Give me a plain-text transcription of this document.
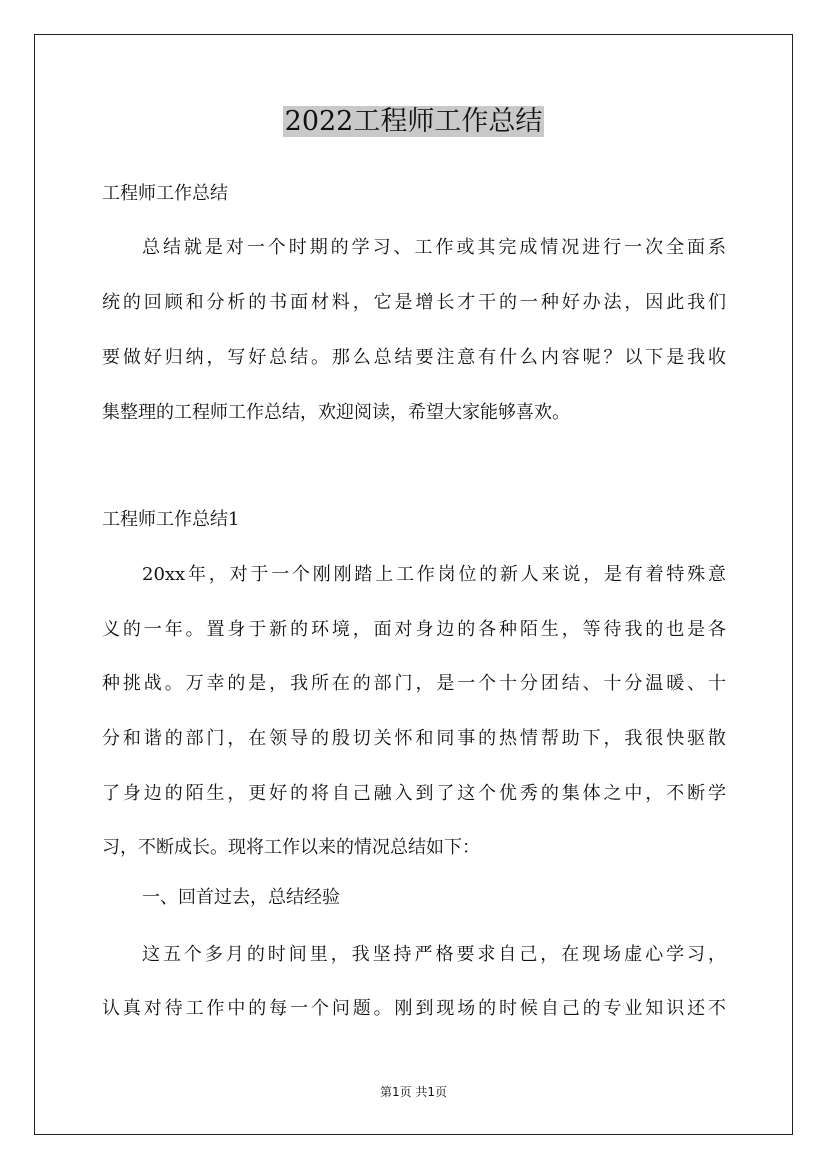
2022工程师工作总结
工程师工作总结
总结就是对一个时期的学习、工作或其完成情况进行一次全面系
统的回顾和分析的书面材料，它是增长才干的一种好办法，因此我们
要做好归纳，写好总结。那么总结要注意有什么内容呢？以下是我收
集整理的工程师工作总结，欢迎阅读，希望大家能够喜欢。
工程师工作总结1
20xx年，对于一个刚刚踏上工作岗位的新人来说，是有着特殊意
义的一年。置身于新的环境，面对身边的各种陌生，等待我的也是各
种挑战。万幸的是，我所在的部门，是一个十分团结、十分温暖、十
分和谐的部门，在领导的殷切关怀和同事的热情帮助下，我很快驱散
了身边的陌生，更好的将自己融入到了这个优秀的集体之中，不断学
习，不断成长。现将工作以来的情况总结如下：
一、回首过去，总结经验
这五个多月的时间里，我坚持严格要求自己，在现场虚心学习，
认真对待工作中的每一个问题。刚到现场的时候自己的专业知识还不
第1页 共1页
